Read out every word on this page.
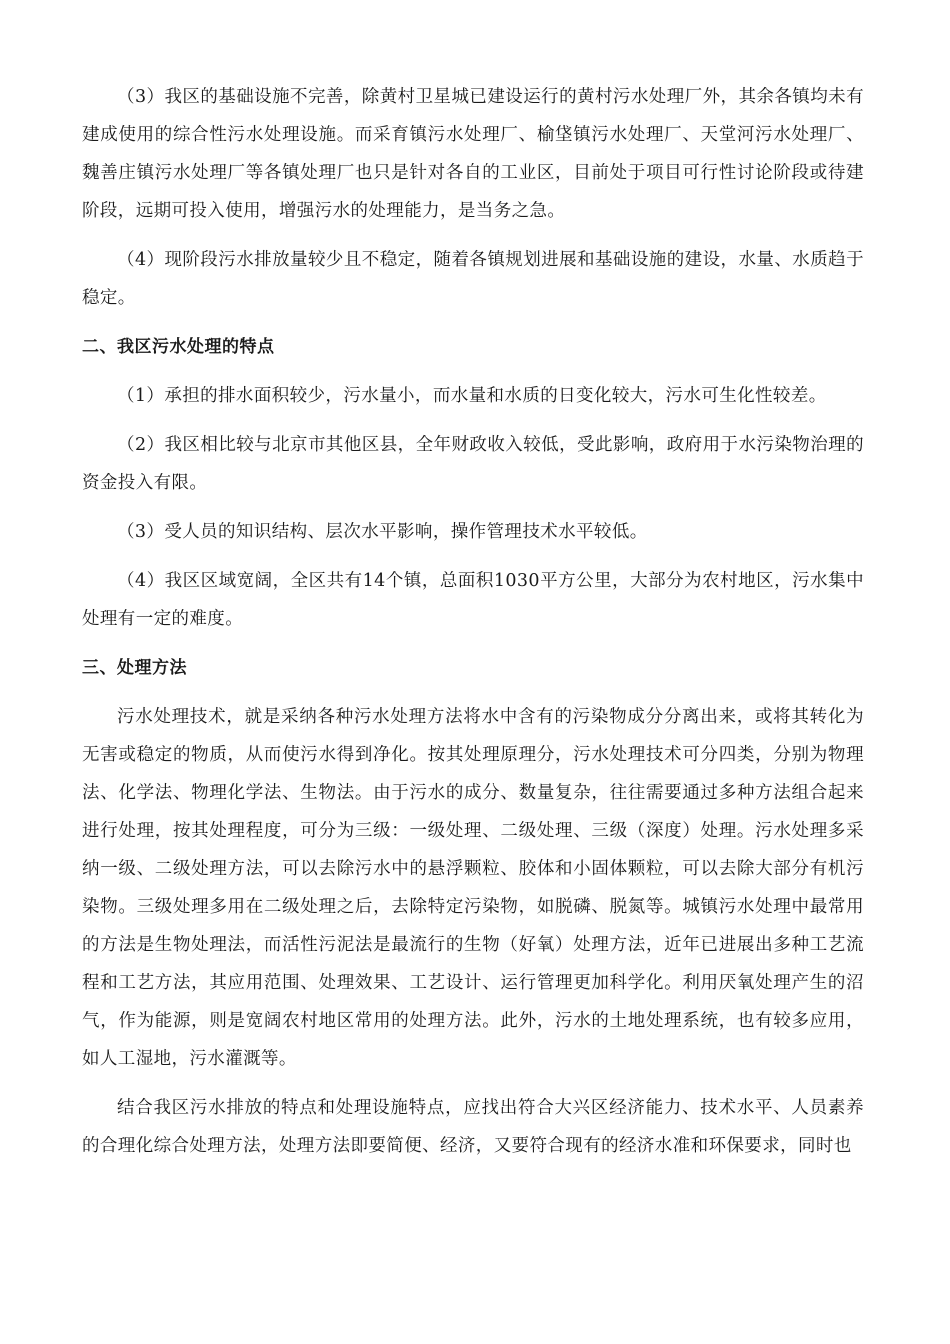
（3）我区的基础设施不完善，除黄村卫星城已建设运行的黄村污水处理厂外，其余各镇均未有建成使用的综合性污水处理设施。而采育镇污水处理厂、榆垡镇污水处理厂、天堂河污水处理厂、魏善庄镇污水处理厂等各镇处理厂也只是针对各自的工业区，目前处于项目可行性讨论阶段或待建阶段，远期可投入使用，增强污水的处理能力，是当务之急。

（4）现阶段污水排放量较少且不稳定，随着各镇规划进展和基础设施的建设，水量、水质趋于稳定。

二、我区污水处理的特点

（1）承担的排水面积较少，污水量小，而水量和水质的日变化较大，污水可生化性较差。

（2）我区相比较与北京市其他区县，全年财政收入较低，受此影响，政府用于水污染物治理的资金投入有限。

（3）受人员的知识结构、层次水平影响，操作管理技术水平较低。

（4）我区区域宽阔，全区共有14个镇，总面积1030平方公里，大部分为农村地区，污水集中处理有一定的难度。

三、处理方法

污水处理技术，就是采纳各种污水处理方法将水中含有的污染物成分分离出来，或将其转化为无害或稳定的物质，从而使污水得到净化。按其处理原理分，污水处理技术可分四类，分别为物理法、化学法、物理化学法、生物法。由于污水的成分、数量复杂，往往需要通过多种方法组合起来进行处理，按其处理程度，可分为三级：一级处理、二级处理、三级（深度）处理。污水处理多采纳一级、二级处理方法，可以去除污水中的悬浮颗粒、胶体和小固体颗粒，可以去除大部分有机污染物。三级处理多用在二级处理之后，去除特定污染物，如脱磷、脱氮等。城镇污水处理中最常用的方法是生物处理法，而活性污泥法是最流行的生物（好氧）处理方法，近年已进展出多种工艺流程和工艺方法，其应用范围、处理效果、工艺设计、运行管理更加科学化。利用厌氧处理产生的沼气，作为能源，则是宽阔农村地区常用的处理方法。此外，污水的土地处理系统，也有较多应用，如人工湿地，污水灌溉等。

结合我区污水排放的特点和处理设施特点，应找出符合大兴区经济能力、技术水平、人员素养的合理化综合处理方法，处理方法即要简便、经济，又要符合现有的经济水准和环保要求，同时也
